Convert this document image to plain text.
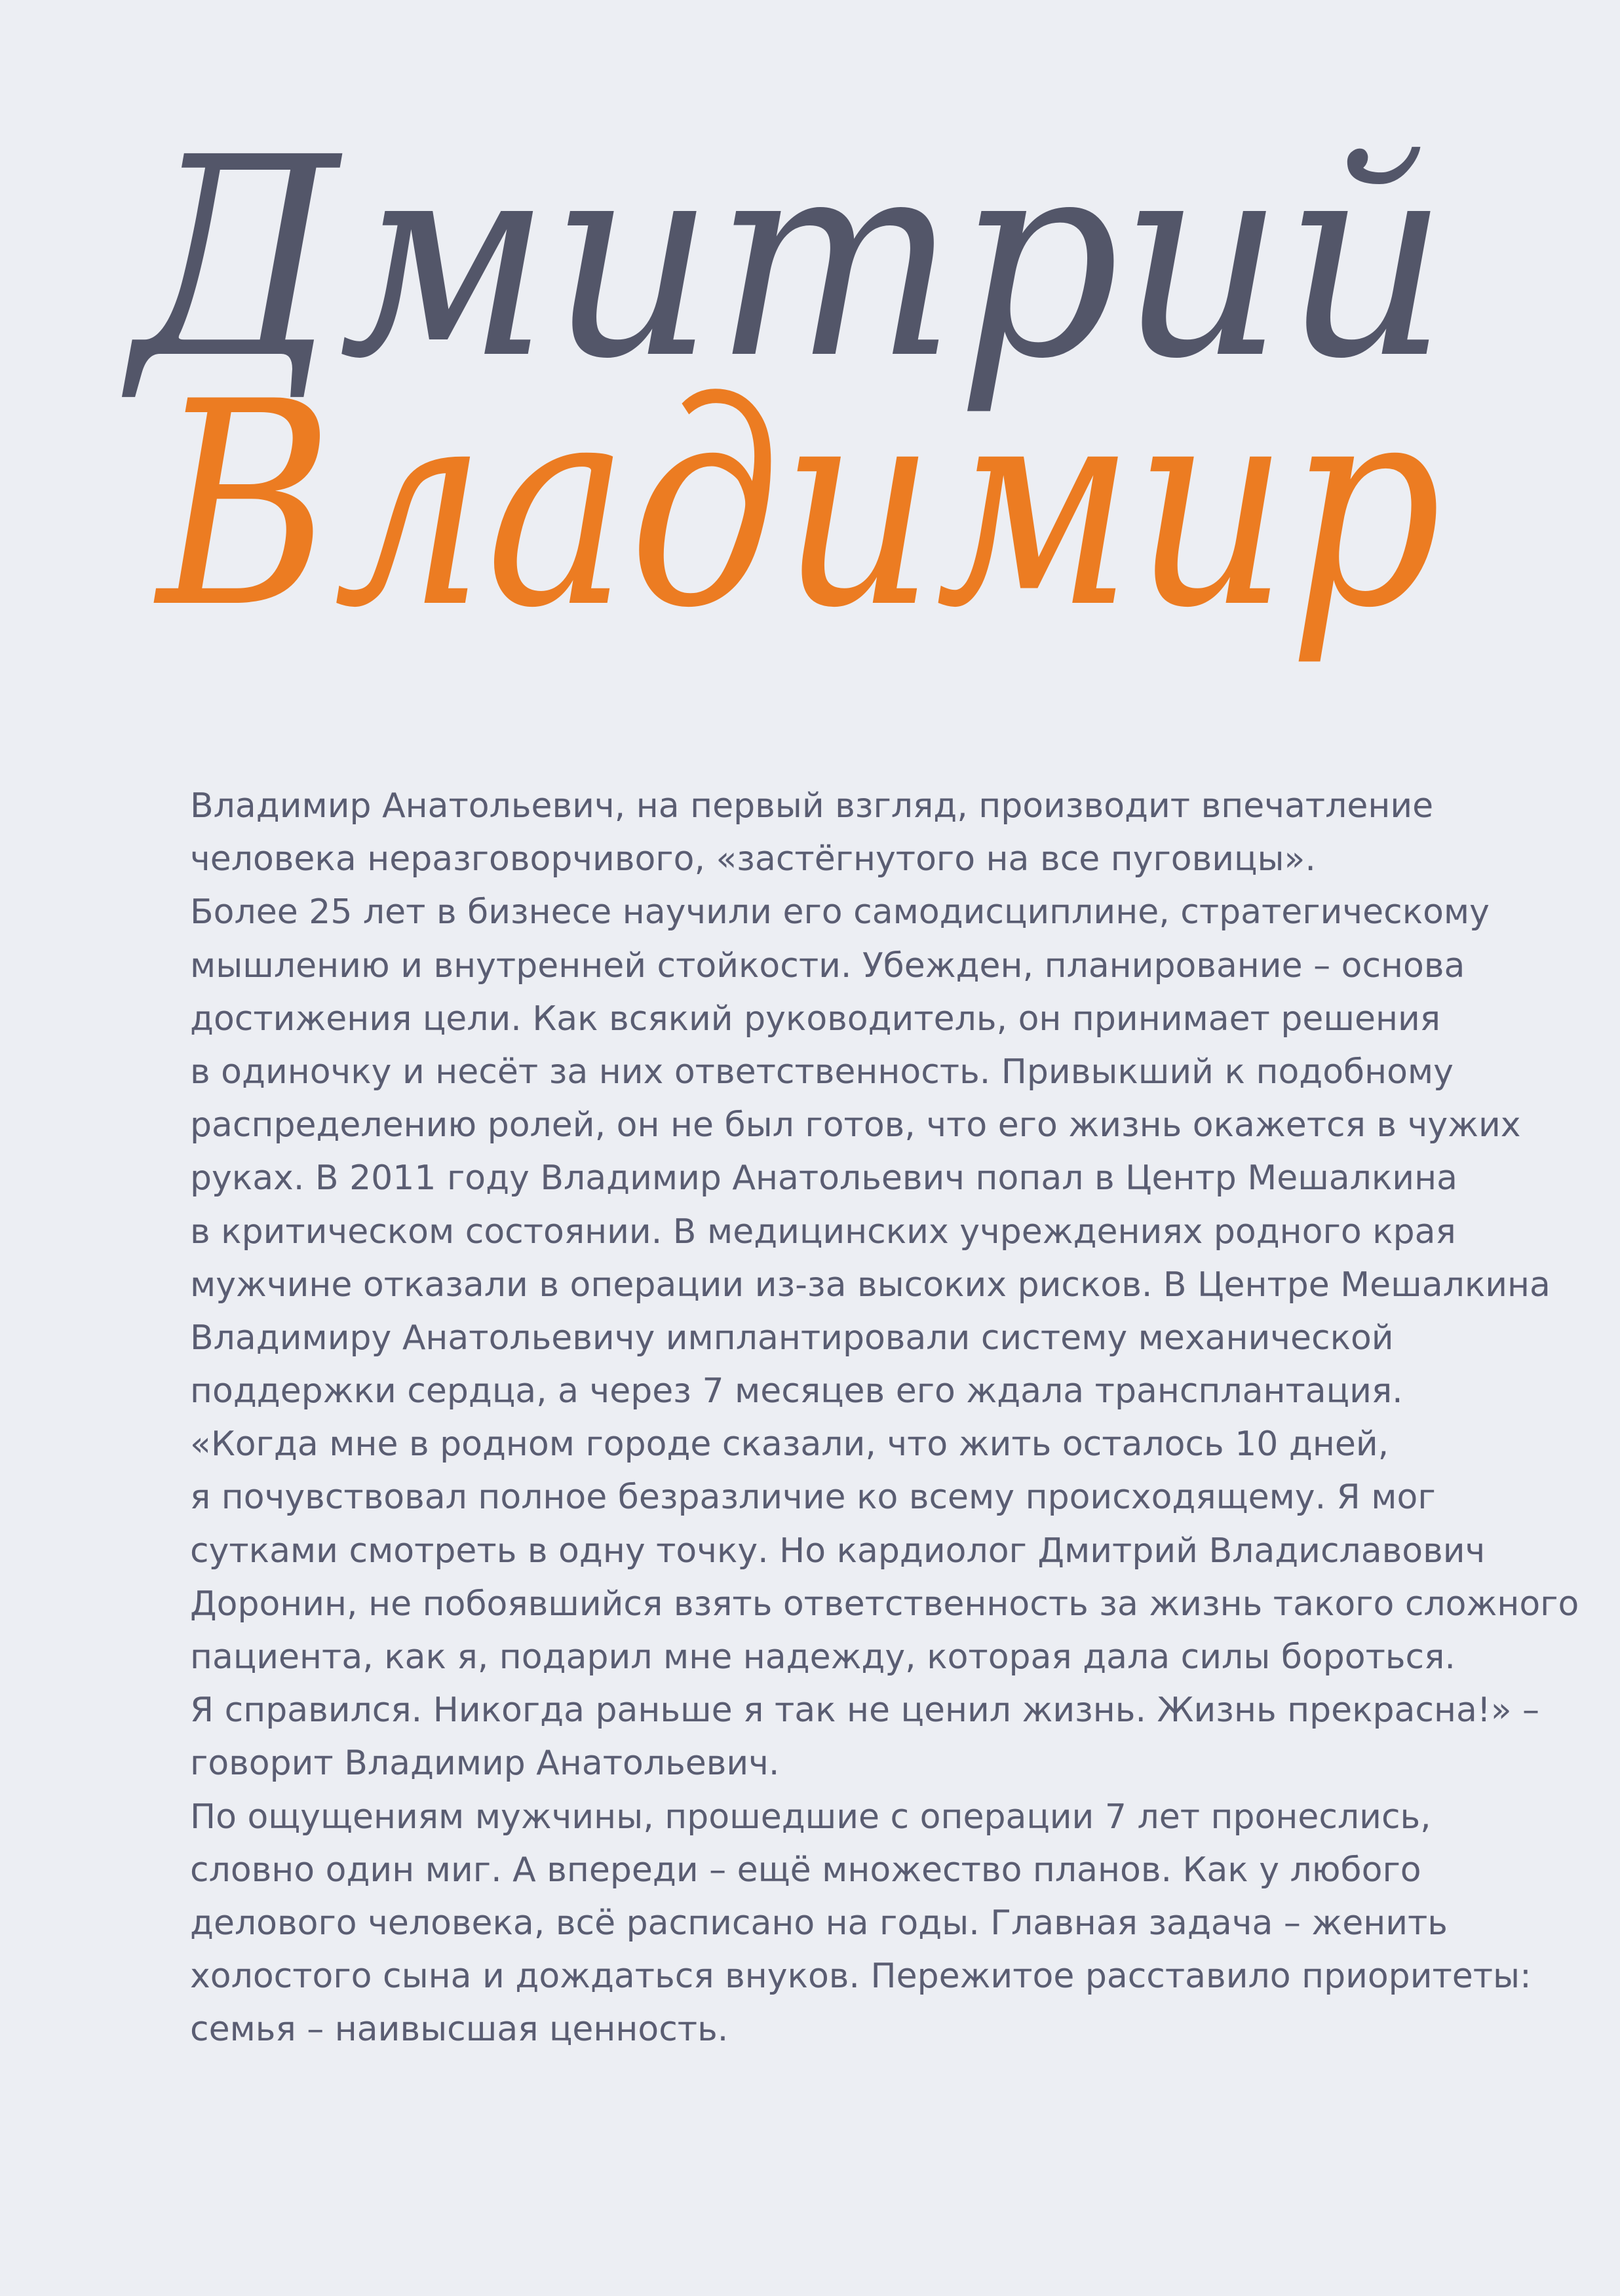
Дмитрий
Владимир
Владимир Анатольевич, на первый взгляд, производит впечатление
человека неразговорчивого, «застёгнутого на все пуговицы».
Более 25 лет в бизнесе научили его самодисциплине, стратегическому
мышлению и внутренней стойкости. Убежден, планирование – основа
достижения цели. Как всякий руководитель, он принимает решения
в одиночку и несёт за них ответственность. Привыкший к подобному
распределению ролей, он не был готов, что его жизнь окажется в чужих
руках. В 2011 году Владимир Анатольевич попал в Центр Мешалкина
в критическом состоянии. В медицинских учреждениях родного края
мужчине отказали в операции из-за высоких рисков. В Центре Мешалкина
Владимиру Анатольевичу имплантировали систему механической
поддержки сердца, а через 7 месяцев его ждала трансплантация.
«Когда мне в родном городе сказали, что жить осталось 10 дней,
я почувствовал полное безразличие ко всему происходящему. Я мог
сутками смотреть в одну точку. Но кардиолог Дмитрий Владиславович
Доронин, не побоявшийся взять ответственность за жизнь такого сложного
пациента, как я, подарил мне надежду, которая дала силы бороться.
Я справился. Никогда раньше я так не ценил жизнь. Жизнь прекрасна!» –
говорит Владимир Анатольевич.
По ощущениям мужчины, прошедшие с операции 7 лет пронеслись,
словно один миг. А впереди – ещё множество планов. Как у любого
делового человека, всё расписано на годы. Главная задача – женить
холостого сына и дождаться внуков. Пережитое расставило приоритеты:
семья – наивысшая ценность.
